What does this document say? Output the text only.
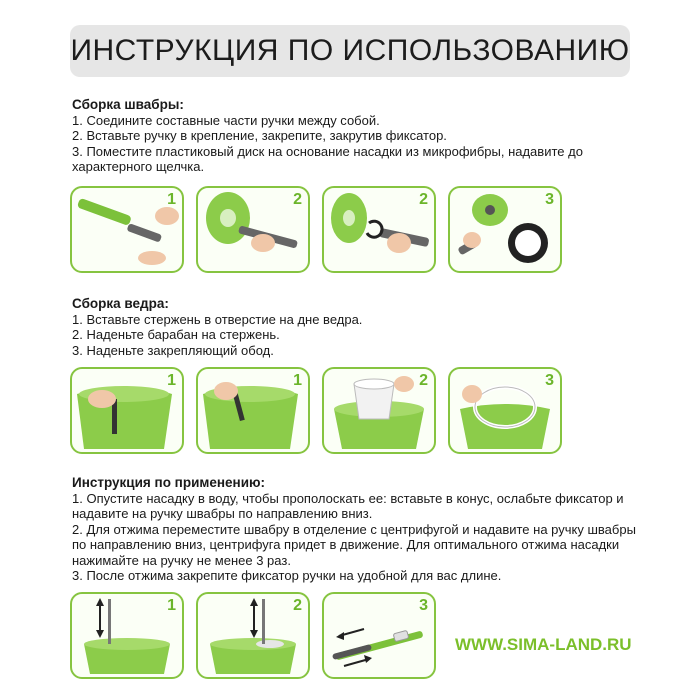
ИНСТРУКЦИЯ ПО ИСПОЛЬЗОВАНИЮ
Сборка швабры:

1. Соедините составные части ручки между собой.

2. Вставьте ручку в крепление, закрепите, закрутив фиксатор.

3. Поместите пластиковый диск на основание насадки из микрофибры, надавите до характерного щелчка.

1	2	2	3
Сборка ведра:

1. Вставьте стержень в отверстие на дне ведра.

2. Наденьте барабан на стержень.

3. Наденьте закрепляющий обод.

1	1	2	3
Инструкция по применению:

1. Опустите насадку в воду, чтобы прополоскать ее: вставьте в конус, ослабьте фиксатор и надавите на ручку швабры по направлению вниз.

2. Для отжима переместите швабру в отделение с центрифугой и надавите на ручку швабры по направлению вниз, центрифуга придет в движение. Для оптимального отжима насадки нажимайте на ручку не менее 3 раз.

3. После отжима закрепите фиксатор ручки на удобной для вас длине.

1	2	3
WWW.SIMA-LAND.RU
